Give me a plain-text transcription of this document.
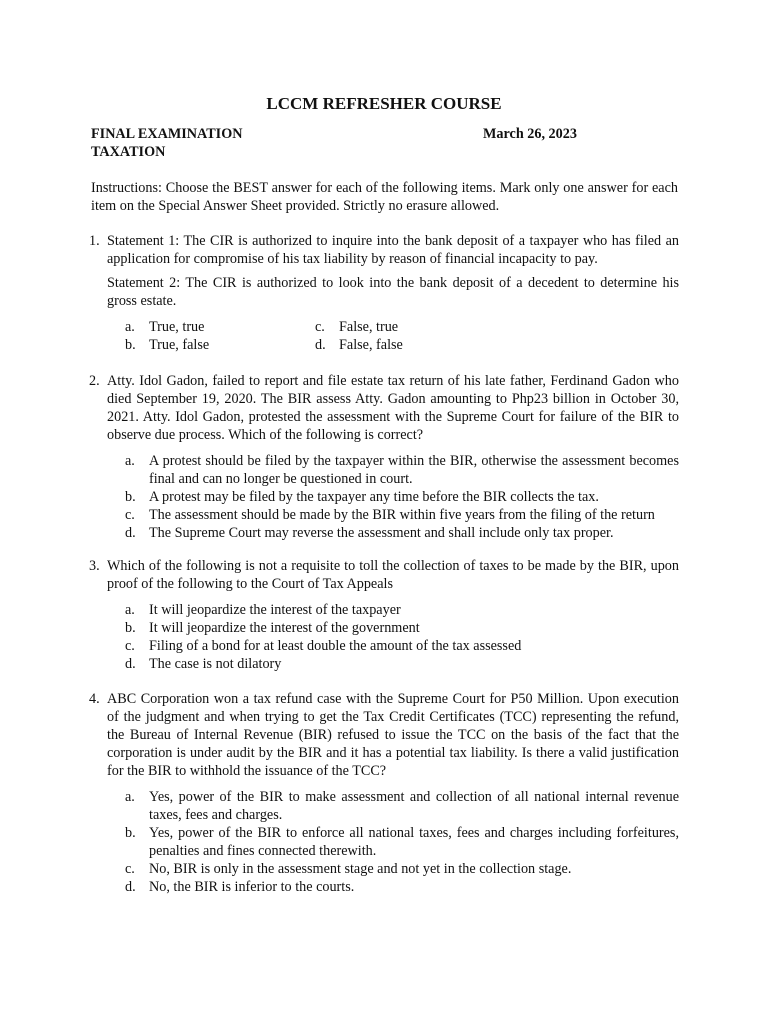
LCCM REFRESHER COURSE
FINAL EXAMINATION
TAXATION
March 26, 2023
Instructions: Choose the BEST answer for each of the following items. Mark only one answer for each item on the Special Answer Sheet provided. Strictly no erasure allowed.
1. Statement 1: The CIR is authorized to inquire into the bank deposit of a taxpayer who has filed an application for compromise of his tax liability by reason of financial incapacity to pay.
Statement 2: The CIR is authorized to look into the bank deposit of a decedent to determine his gross estate.
a. True, true	c. False, true
b. True, false	d. False, false
2. Atty. Idol Gadon, failed to report and file estate tax return of his late father, Ferdinand Gadon who died September 19, 2020. The BIR assess Atty. Gadon amounting to Php23 billion in October 30, 2021. Atty. Idol Gadon, protested the assessment with the Supreme Court for failure of the BIR to observe due process. Which of the following is correct?
a. A protest should be filed by the taxpayer within the BIR, otherwise the assessment becomes final and can no longer be questioned in court.
b. A protest may be filed by the taxpayer any time before the BIR collects the tax.
c. The assessment should be made by the BIR within five years from the filing of the return
d. The Supreme Court may reverse the assessment and shall include only tax proper.
3. Which of the following is not a requisite to toll the collection of taxes to be made by the BIR, upon proof of the following to the Court of Tax Appeals
a. It will jeopardize the interest of the taxpayer
b. It will jeopardize the interest of the government
c. Filing of a bond for at least double the amount of the tax assessed
d. The case is not dilatory
4. ABC Corporation won a tax refund case with the Supreme Court for P50 Million. Upon execution of the judgment and when trying to get the Tax Credit Certificates (TCC) representing the refund, the Bureau of Internal Revenue (BIR) refused to issue the TCC on the basis of the fact that the corporation is under audit by the BIR and it has a potential tax liability. Is there a valid justification for the BIR to withhold the issuance of the TCC?
a. Yes, power of the BIR to make assessment and collection of all national internal revenue taxes, fees and charges.
b. Yes, power of the BIR to enforce all national taxes, fees and charges including forfeitures, penalties and fines connected therewith.
c. No, BIR is only in the assessment stage and not yet in the collection stage.
d. No, the BIR is inferior to the courts.
